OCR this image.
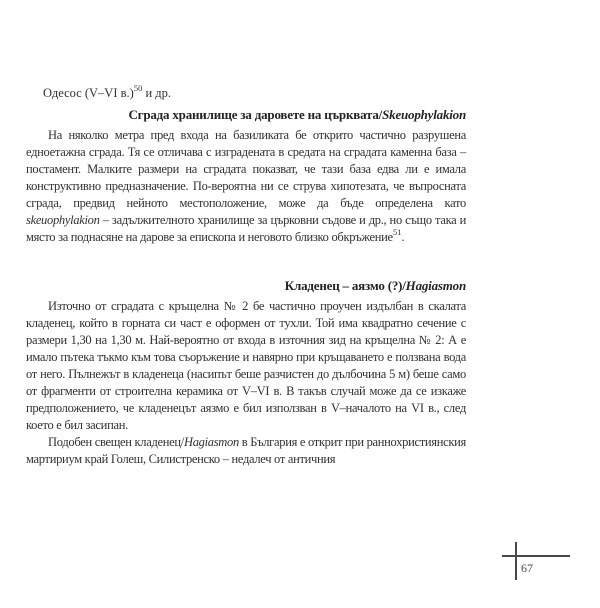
Одесос (V–VI в.)$^{50}$ и др.
Сграда хранилище за даровете на църквата/Skeuophylakion

На няколко метра пред входа на базиликата бе открито частично разрушена едноетажна сграда. Тя се отличава с изградената в средата на сградата каменна база – постамент. Малките размери на сградата показват, че тази база едва ли е имала конструктивно предназначение. По-вероятна ни се струва хипотезата, че въпросната сграда, предвид нейното местоположение, може да бъде определена като skeuophylakion – задължителното хранилище за църковни съдове и др., но също така и място за поднасяне на дарове за епископа и неговото близко обкръжение$^{51}$.

Кладенец – аязмо (?)/Hagiasmon

Източно от сградата с кръщелна № 2 бе частично проучен издълбан в скалата кладенец, който в горната си част е оформен от тухли. Той има квадратно сечение с размери 1,30 на 1,30 м. Най-вероятно от входа в източния зид на кръщелна № 2: А е имало пътека тъкмо към това съоръжение и навярно при кръщаването е ползвана вода от него. Пълнежът в кладенеца (насипът беше разчистен до дълбочина 5 м) беше само от фрагменти от строителна керамика от V–VI в. В такъв случай може да се изкаже предположението, че кладенецът аязмо е бил използван в V–началото на VI в., след което е бил засипан.

Подобен свещен кладенец/Hagiasmon в България е открит при раннохристиянския мартириум край Голеш, Силистренско – недалеч от античния

67
